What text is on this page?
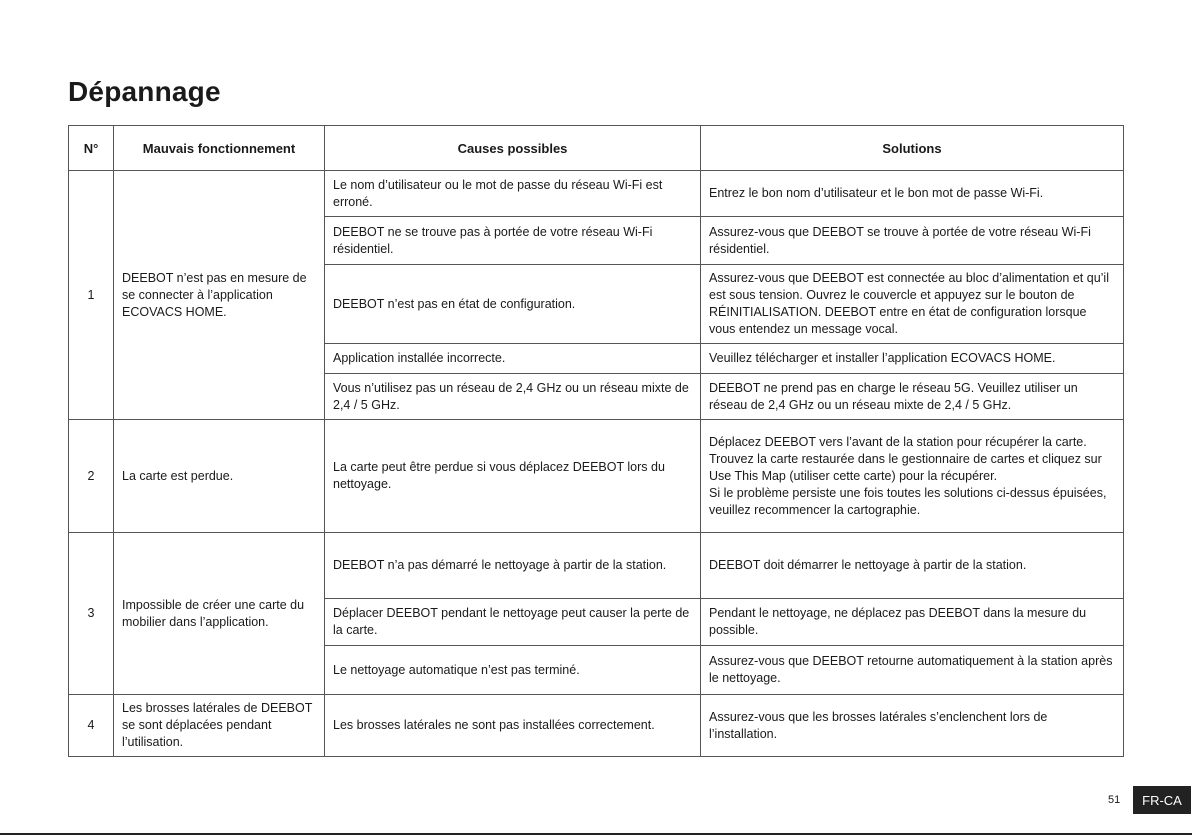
Dépannage
N°	Mauvais fonctionnement	Causes possibles	Solutions
1	DEEBOT n’est pas en mesure de se connecter à l’application ECOVACS HOME.	Le nom d’utilisateur ou le mot de passe du réseau Wi-Fi est erroné.	Entrez le bon nom d’utilisateur et le bon mot de passe Wi-Fi.
		DEEBOT ne se trouve pas à portée de votre réseau Wi-Fi résidentiel.	Assurez-vous que DEEBOT se trouve à portée de votre réseau Wi-Fi résidentiel.
		DEEBOT n’est pas en état de configuration.	Assurez-vous que DEEBOT est connectée au bloc d’alimentation et qu’il est sous tension. Ouvrez le couvercle et appuyez sur le bouton de RÉINITIALISATION. DEEBOT entre en état de configuration lorsque vous entendez un message vocal.
		Application installée incorrecte.	Veuillez télécharger et installer l’application ECOVACS HOME.
		Vous n’utilisez pas un réseau de 2,4 GHz ou un réseau mixte de 2,4 / 5 GHz.	DEEBOT ne prend pas en charge le réseau 5G. Veuillez utiliser un réseau de 2,4 GHz ou un réseau mixte de 2,4 / 5 GHz.
2	La carte est perdue.	La carte peut être perdue si vous déplacez DEEBOT lors du nettoyage.	Déplacez DEEBOT vers l’avant de la station pour récupérer la carte.
Trouvez la carte restaurée dans le gestionnaire de cartes et cliquez sur Use This Map (utiliser cette carte) pour la récupérer.
Si le problème persiste une fois toutes les solutions ci-dessus épuisées, veuillez recommencer la cartographie.

3	Impossible de créer une carte du mobilier dans l’application.	DEEBOT n’a pas démarré le nettoyage à partir de la station.	DEEBOT doit démarrer le nettoyage à partir de la station.
		Déplacer DEEBOT pendant le nettoyage peut causer la perte de la carte.	Pendant le nettoyage, ne déplacez pas DEEBOT dans la mesure du possible.
		Le nettoyage automatique n’est pas terminé.	Assurez-vous que DEEBOT retourne automatiquement à la station après le nettoyage.
4	Les brosses latérales de DEEBOT se sont déplacées pendant l’utilisation.	Les brosses latérales ne sont pas installées correctement.	Assurez-vous que les brosses latérales s’enclenchent lors de l’installation.
51	FR-CA
